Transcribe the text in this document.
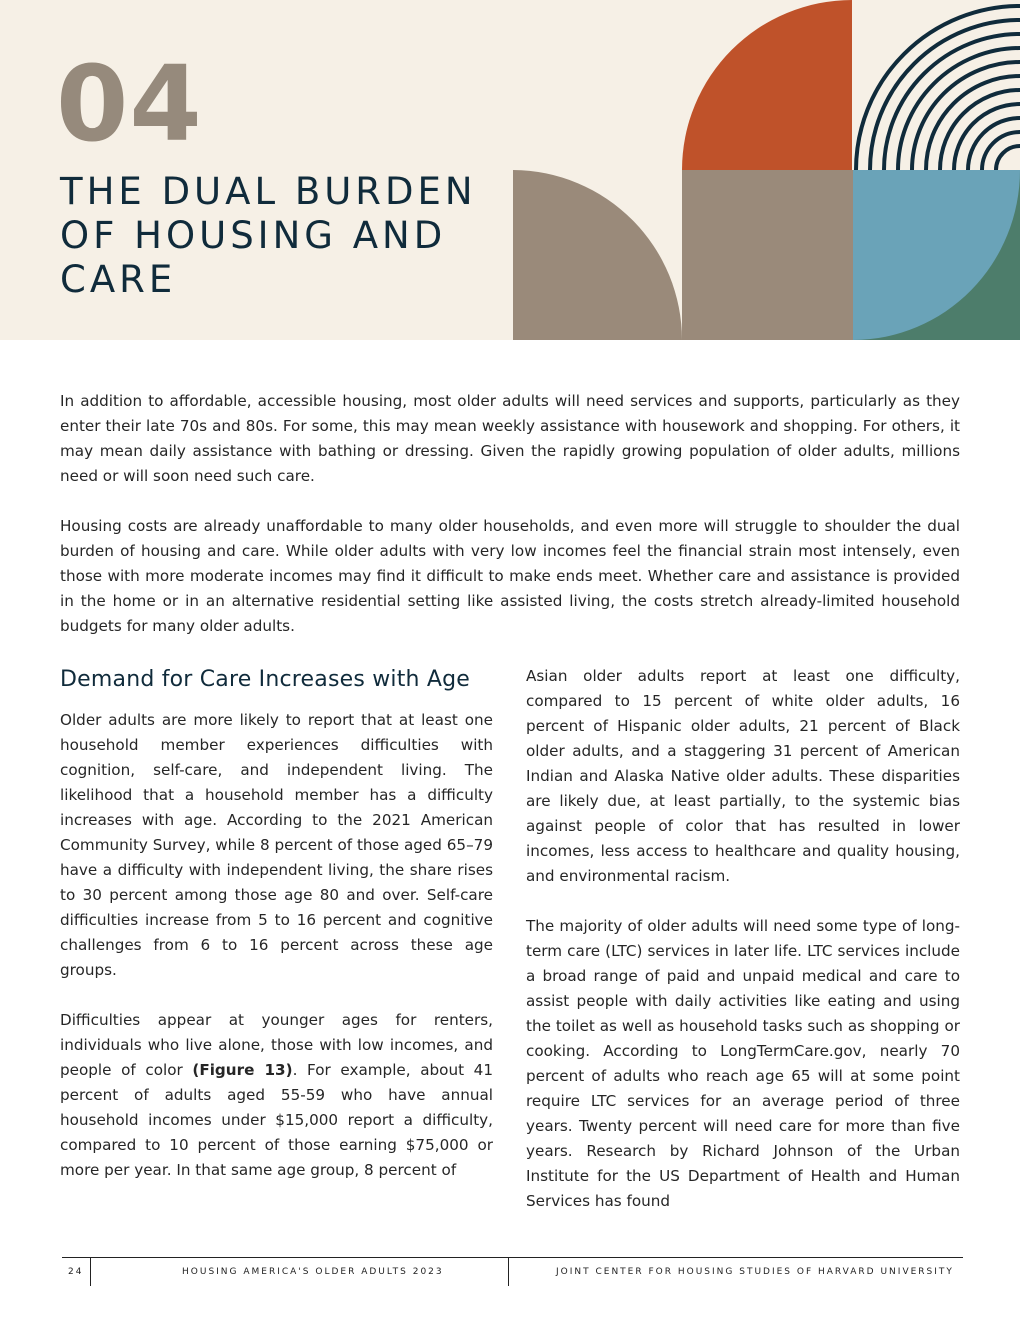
04
THE DUAL BURDEN OF HOUSING AND CARE

In addition to affordable, accessible housing, most older adults will need services and supports, particularly as they enter their late 70s and 80s. For some, this may mean weekly assistance with housework and shopping. For others, it may mean daily assistance with bathing or dressing. Given the rapidly growing population of older adults, millions need or will soon need such care.

Housing costs are already unaffordable to many older households, and even more will struggle to shoulder the dual burden of housing and care. While older adults with very low incomes feel the financial strain most intensely, even those with more moderate incomes may find it difficult to make ends meet. Whether care and assistance is provided in the home or in an alternative residential setting like assisted living, the costs stretch already-limited household budgets for many older adults.

Demand for Care Increases with Age

Older adults are more likely to report that at least one household member experiences difficulties with cognition, self-care, and independent living. The likelihood that a household member has a difficulty increases with age. According to the 2021 American Community Survey, while 8 percent of those aged 65–79 have a difficulty with independent living, the share rises to 30 percent among those age 80 and over. Self-care difficulties increase from 5 to 16 percent and cognitive challenges from 6 to 16 percent across these age groups.

Difficulties appear at younger ages for renters, individuals who live alone, those with low incomes, and people of color (Figure 13). For example, about 41 percent of adults aged 55-59 who have annual household incomes under $15,000 report a difficulty, compared to 10 percent of those earning $75,000 or more per year. In that same age group, 8 percent of

Asian older adults report at least one difficulty, compared to 15 percent of white older adults, 16 percent of Hispanic older adults, 21 percent of Black older adults, and a staggering 31 percent of American Indian and Alaska Native older adults. These disparities are likely due, at least partially, to the systemic bias against people of color that has resulted in lower incomes, less access to healthcare and quality housing, and environmental racism.

The majority of older adults will need some type of long-term care (LTC) services in later life. LTC services include a broad range of paid and unpaid medical and care to assist people with daily activities like eating and using the toilet as well as household tasks such as shopping or cooking. According to LongTermCare.gov, nearly 70 percent of adults who reach age 65 will at some point require LTC services for an average period of three years. Twenty percent will need care for more than five years. Research by Richard Johnson of the Urban Institute for the US Department of Health and Human Services has found

24	HOUSING AMERICA'S OLDER ADULTS 2023	JOINT CENTER FOR HOUSING STUDIES OF HARVARD UNIVERSITY
